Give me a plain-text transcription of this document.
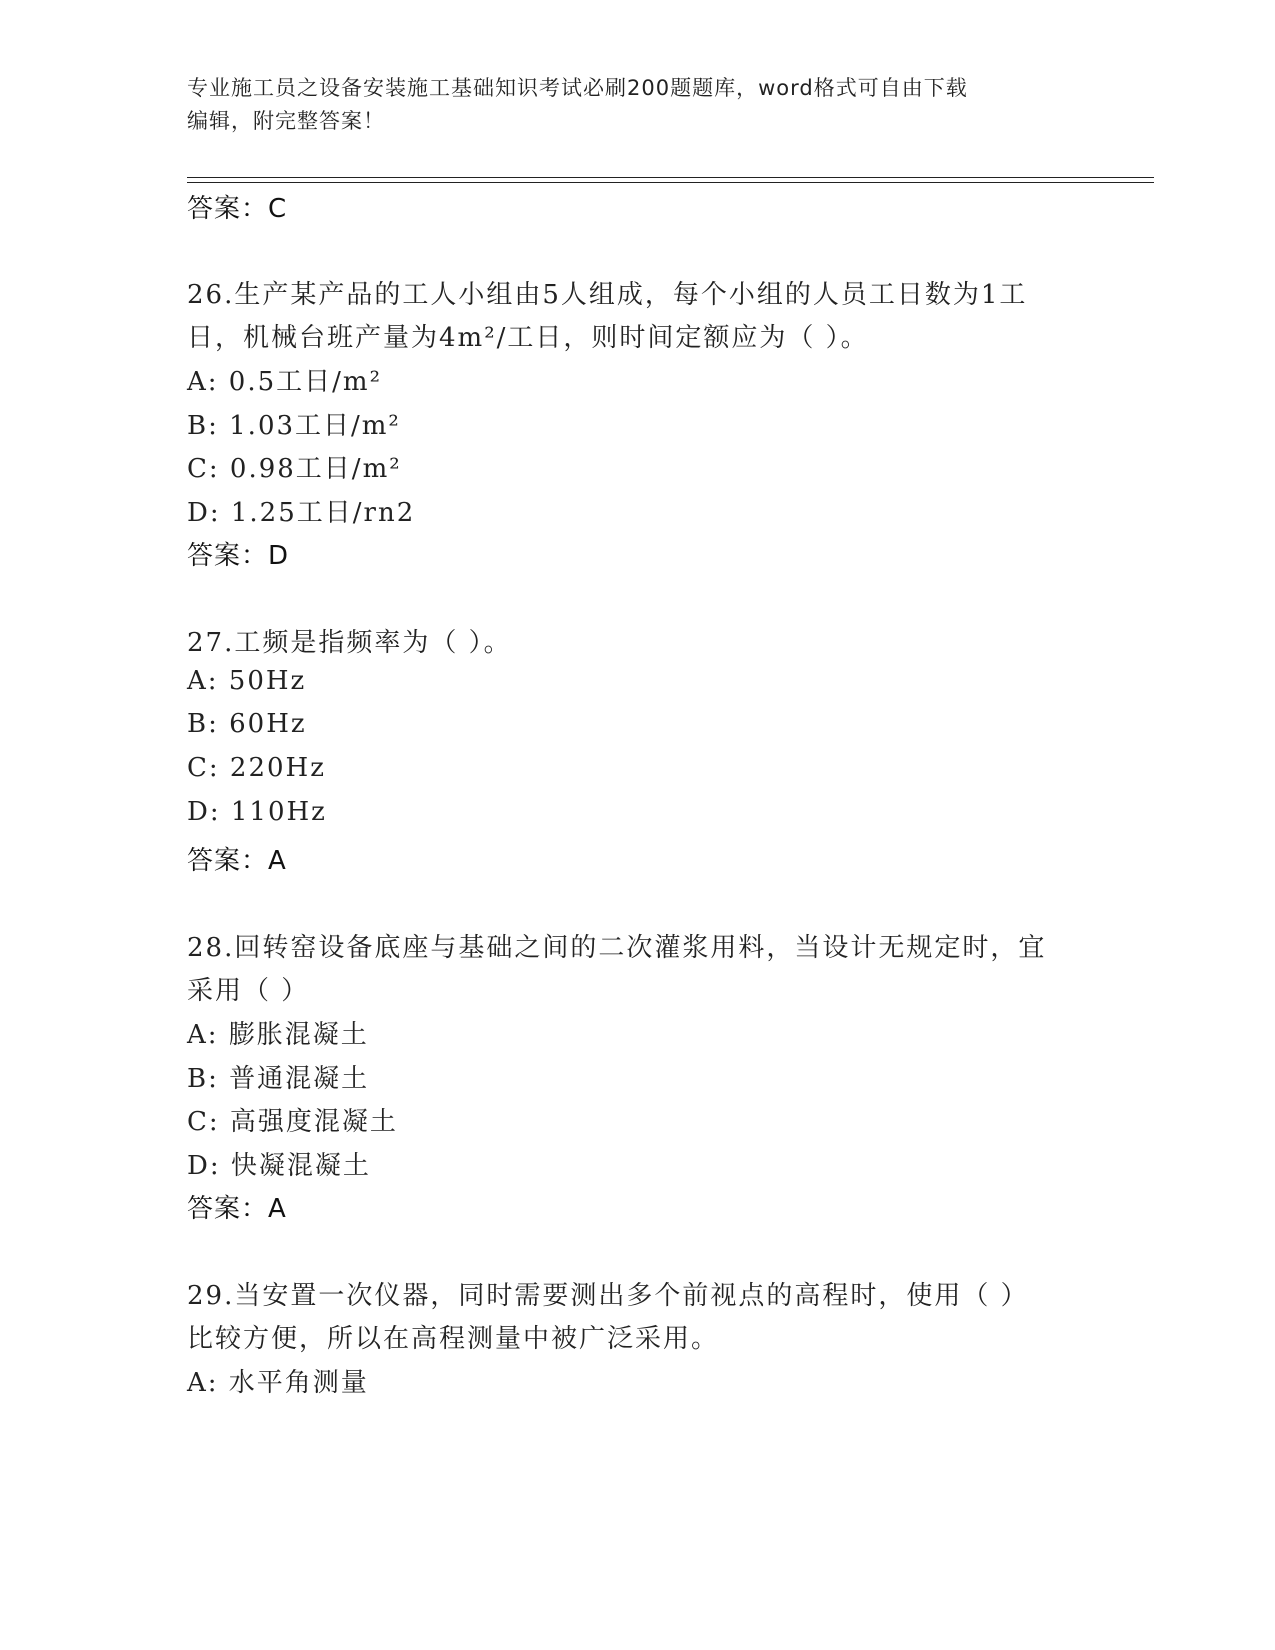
专业施工员之设备安装施工基础知识考试必刷200题题库，word格式可自由下载
编辑，附完整答案！
答案：C
26.生产某产品的工人小组由5人组成，每个小组的人员工日数为1工
日，机械台班产量为4m²/工日，则时间定额应为（ ）。
A: 0.5工日/m²
B: 1.03工日/m²
C: 0.98工日/m²
D: 1.25工日/rn2
答案：D
27.工频是指频率为（ ）。
A: 50Hz
B: 60Hz
C: 220Hz
D: 110Hz
答案：A
28.回转窑设备底座与基础之间的二次灌浆用料，当设计无规定时，宜
采用（ ）
A: 膨胀混凝土
B: 普通混凝土
C: 高强度混凝土
D: 快凝混凝土
答案：A
29.当安置一次仪器，同时需要测出多个前视点的高程时，使用（ ）
比较方便，所以在高程测量中被广泛采用。
A: 水平角测量
